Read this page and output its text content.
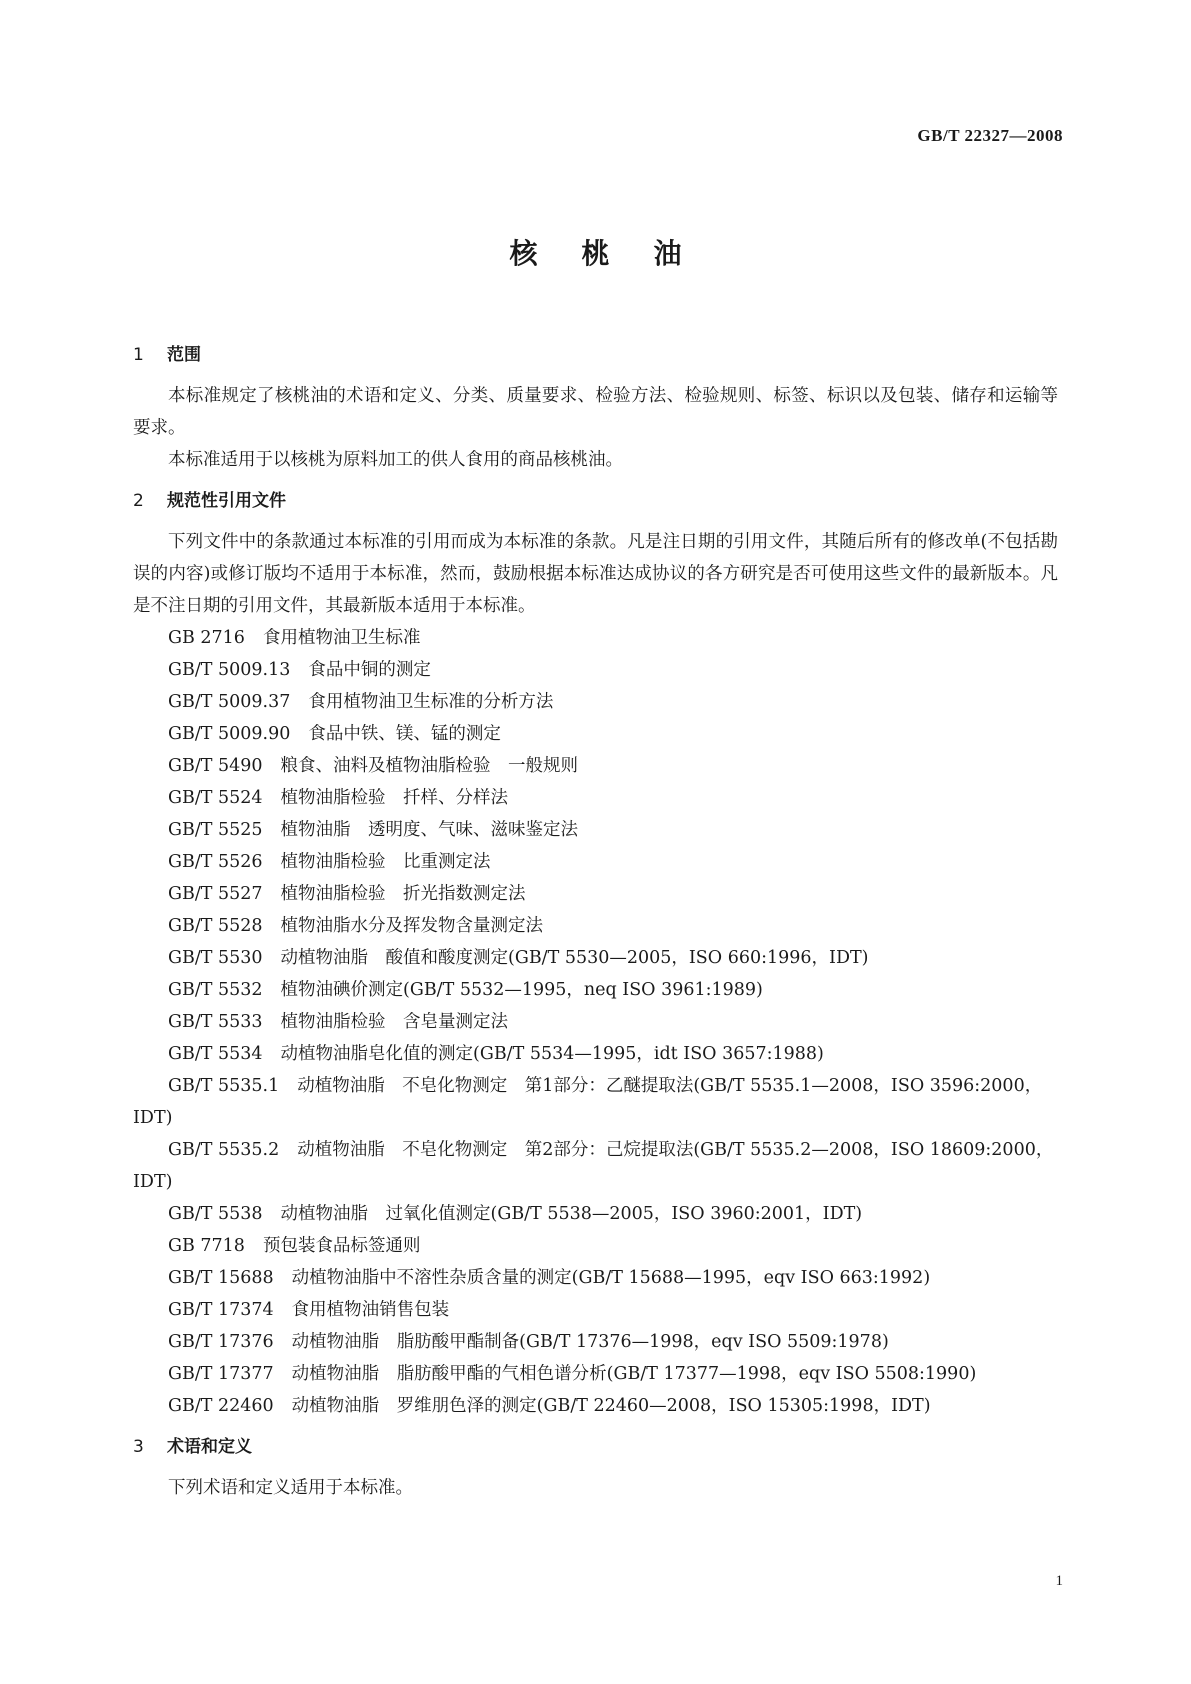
GB/T 22327—2008
核桃油
1 范围

本标准规定了核桃油的术语和定义、分类、质量要求、检验方法、检验规则、标签、标识以及包装、储存和运输等要求。

本标准适用于以核桃为原料加工的供人食用的商品核桃油。

2 规范性引用文件

下列文件中的条款通过本标准的引用而成为本标准的条款。凡是注日期的引用文件，其随后所有的修改单(不包括勘误的内容)或修订版均不适用于本标准，然而，鼓励根据本标准达成协议的各方研究是否可使用这些文件的最新版本。凡是不注日期的引用文件，其最新版本适用于本标准。

GB 2716 食用植物油卫生标准
GB/T 5009.13 食品中铜的测定
GB/T 5009.37 食用植物油卫生标准的分析方法
GB/T 5009.90 食品中铁、镁、锰的测定
GB/T 5490 粮食、油料及植物油脂检验　一般规则
GB/T 5524 植物油脂检验　扦样、分样法
GB/T 5525 植物油脂　透明度、气味、滋味鉴定法
GB/T 5526 植物油脂检验　比重测定法
GB/T 5527 植物油脂检验　折光指数测定法
GB/T 5528 植物油脂水分及挥发物含量测定法
GB/T 5530 动植物油脂　酸值和酸度测定(GB/T 5530—2005，ISO 660:1996，IDT)
GB/T 5532 植物油碘价测定(GB/T 5532—1995，neq ISO 3961:1989)
GB/T 5533 植物油脂检验　含皂量测定法
GB/T 5534 动植物油脂皂化值的测定(GB/T 5534—1995，idt ISO 3657:1988)
GB/T 5535.1 动植物油脂　不皂化物测定　第1部分：乙醚提取法(GB/T 5535.1—2008，ISO 3596:2000，IDT)
GB/T 5535.2 动植物油脂　不皂化物测定　第2部分：己烷提取法(GB/T 5535.2—2008，ISO 18609:2000，IDT)
GB/T 5538 动植物油脂　过氧化值测定(GB/T 5538—2005，ISO 3960:2001，IDT)
GB 7718 预包装食品标签通则
GB/T 15688 动植物油脂中不溶性杂质含量的测定(GB/T 15688—1995，eqv ISO 663:1992)
GB/T 17374 食用植物油销售包装
GB/T 17376 动植物油脂　脂肪酸甲酯制备(GB/T 17376—1998，eqv ISO 5509:1978)
GB/T 17377 动植物油脂　脂肪酸甲酯的气相色谱分析(GB/T 17377—1998，eqv ISO 5508:1990)
GB/T 22460 动植物油脂　罗维朋色泽的测定(GB/T 22460—2008，ISO 15305:1998，IDT)
3 术语和定义

下列术语和定义适用于本标准。

1
